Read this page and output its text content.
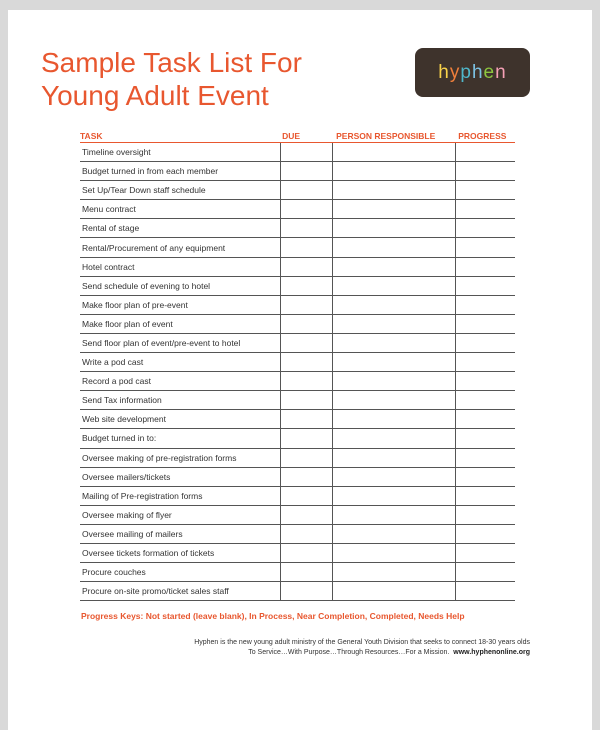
Sample Task List For
Young Adult Event
h y p h e n
TASK	DUE	PERSON RESPONSIBLE	PROGRESS
Timeline oversight			
Budget turned in from each member			
Set Up/Tear Down staff schedule			
Menu contract			
Rental of stage			
Rental/Procurement of any equipment			
Hotel contract			
Send schedule of evening to hotel			
Make floor plan of pre-event			
Make floor plan of event			
Send floor plan of event/pre-event to hotel			
Write a pod cast			
Record a pod cast			
Send Tax information			
Web site development			
Budget turned in to:			
Oversee making of pre-registration forms			
Oversee mailers/tickets			
Mailing of Pre-registration forms			
Oversee making of flyer			
Oversee mailing of mailers			
Oversee tickets formation of tickets			
Procure couches			
Procure on-site promo/ticket sales staff			
Progress Keys: Not started (leave blank), In Process, Near Completion, Completed, Needs Help
Hyphen is the new young adult ministry of the General Youth Division that seeks to connect 18-30 years olds
To Service…With Purpose…Through Resources…For a Mission. www.hyphenonline.org
